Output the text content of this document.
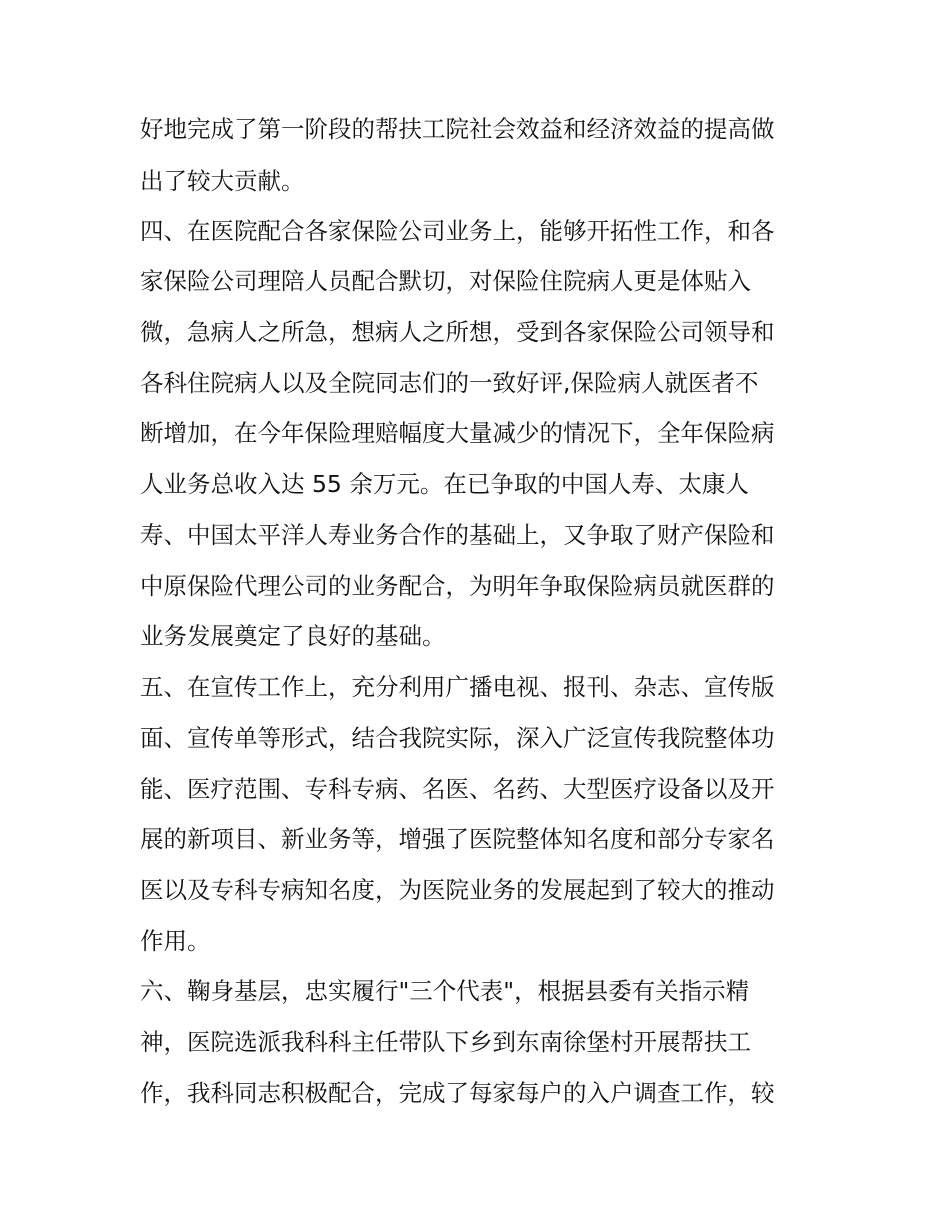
好地完成了第一阶段的帮扶工院社会效益和经济效益的提高做
出了较大贡献。
四、在医院配合各家保险公司业务上，能够开拓性工作，和各
家保险公司理陪人员配合默切，对保险住院病人更是体贴入
微，急病人之所急，想病人之所想，受到各家保险公司领导和
各科住院病人以及全院同志们的一致好评,保险病人就医者不
断增加，在今年保险理赔幅度大量减少的情况下，全年保险病
人业务总收入达 55 余万元。在已争取的中国人寿、太康人
寿、中国太平洋人寿业务合作的基础上，又争取了财产保险和
中原保险代理公司的业务配合，为明年争取保险病员就医群的
业务发展奠定了良好的基础。
五、在宣传工作上，充分利用广播电视、报刊、杂志、宣传版
面、宣传单等形式，结合我院实际，深入广泛宣传我院整体功
能、医疗范围、专科专病、名医、名药、大型医疗设备以及开
展的新项目、新业务等，增强了医院整体知名度和部分专家名
医以及专科专病知名度，为医院业务的发展起到了较大的推动
作用。
六、鞠身基层，忠实履行"三个代表"，根据县委有关指示精
神，医院选派我科科主任带队下乡到东南徐堡村开展帮扶工
作，我科同志积极配合，完成了每家每户的入户调查工作，较
